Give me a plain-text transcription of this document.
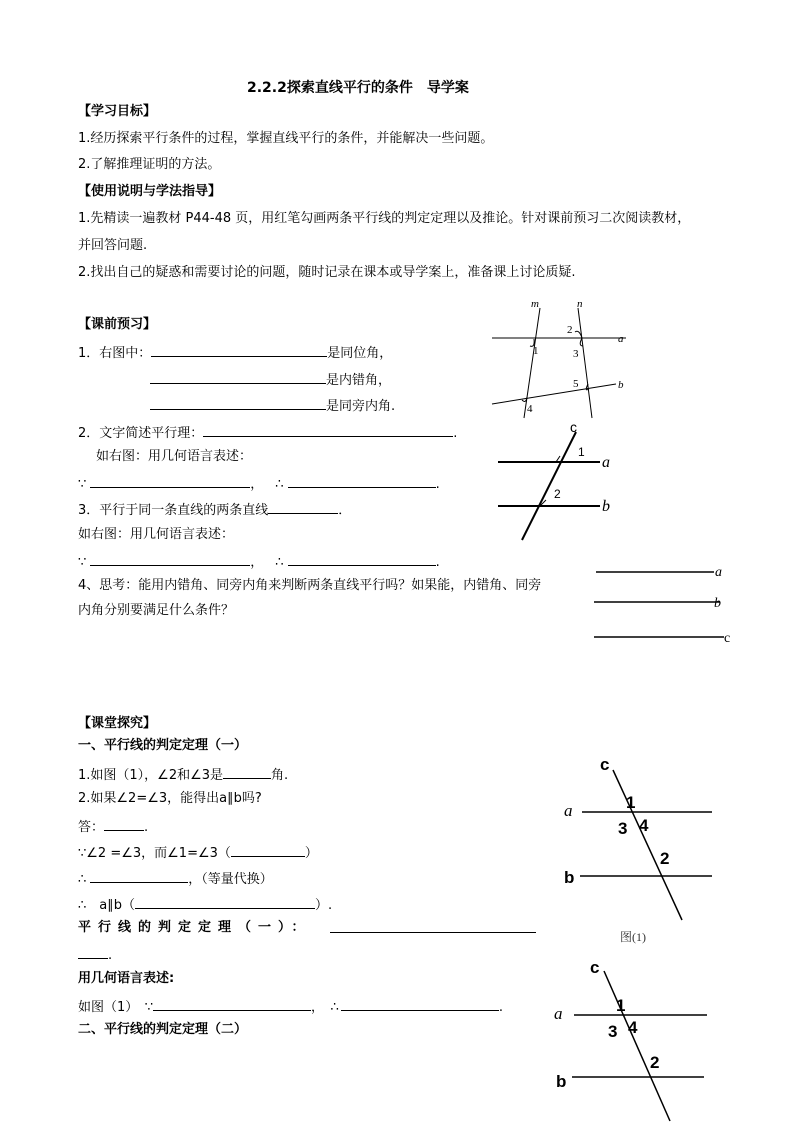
2.2.2探索直线平行的条件　导学案
【学习目标】
1.经历探索平行条件的过程，掌握直线平行的条件，并能解决一些问题。
2.了解推理证明的方法。
【使用说明与学法指导】
1.先精读一遍教材 P44-48 页，用红笔勾画两条平行线的判定定理以及推论。针对课前预习二次阅读教材，
并回答问题.
2.找出自己的疑惑和需要讨论的问题，随时记录在课本或导学案上，准备课上讨论质疑.
【课前预习】
1．右图中：	是同位角，
是内错角，
是同旁内角.
2．文字简述平行理：	.
如右图：用几何语言表述：
∵	， ∴	.
3．平行于同一条直线的两条直线	．
如右图：用几何语言表述：
∵	， ∴	.
4、思考：能用内错角、同旁内角来判断两条直线平行吗？如果能，内错角、同旁
内角分别要满足什么条件？
【课堂探究】
一、平行线的判定定理（一）
1.如图（1），∠2和∠3是	角.
2.如果∠2=∠3，能得出a∥b吗?
答：	.
∵∠2 =∠3，而∠1=∠3（	）
∴	，（等量代换）
∴　a∥b（	）.
平行线的判定定理（一）：
.
用几何语言表述:
如图（1）　∵	，　∴	.
二、平行线的判定定理（二）
m	n
a
b
1
2
3
4
5
c
a
b
1
2
a
b
c
c
a
b
1
3 4
2
图(1)
c
a
b
1
3 4
2
